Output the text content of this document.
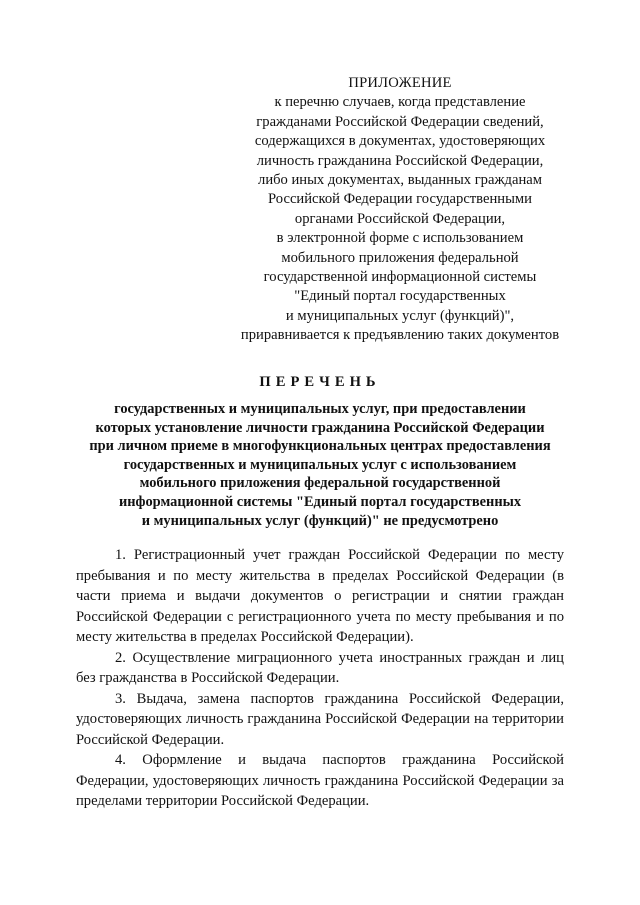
ПРИЛОЖЕНИЕ
к перечню случаев, когда представление
гражданами Российской Федерации сведений,
содержащихся в документах, удостоверяющих
личность гражданина Российской Федерации,
либо иных документах, выданных гражданам
Российской Федерации государственными
органами Российской Федерации,
в электронной форме с использованием
мобильного приложения федеральной
государственной информационной системы
"Единый портал государственных
и муниципальных услуг (функций)",
приравнивается к предъявлению таких документов
ПЕРЕЧЕНЬ
государственных и муниципальных услуг, при предоставлении
которых установление личности гражданина Российской Федерации
при личном приеме в многофункциональных центрах предоставления
государственных и муниципальных услуг с использованием
мобильного приложения федеральной государственной
информационной системы "Единый портал государственных
и муниципальных услуг (функций)" не предусмотрено

1. Регистрационный учет граждан Российской Федерации по месту пребывания и по месту жительства в пределах Российской Федерации (в части приема и выдачи документов о регистрации и снятии граждан Российской Федерации с регистрационного учета по месту пребывания и по месту жительства в пределах Российской Федерации).

2. Осуществление миграционного учета иностранных граждан и лиц без гражданства в Российской Федерации.

3. Выдача, замена паспортов гражданина Российской Федерации, удостоверяющих личность гражданина Российской Федерации на территории Российской Федерации.

4. Оформление и выдача паспортов гражданина Российской Федерации, удостоверяющих личность гражданина Российской Федерации за пределами территории Российской Федерации.
